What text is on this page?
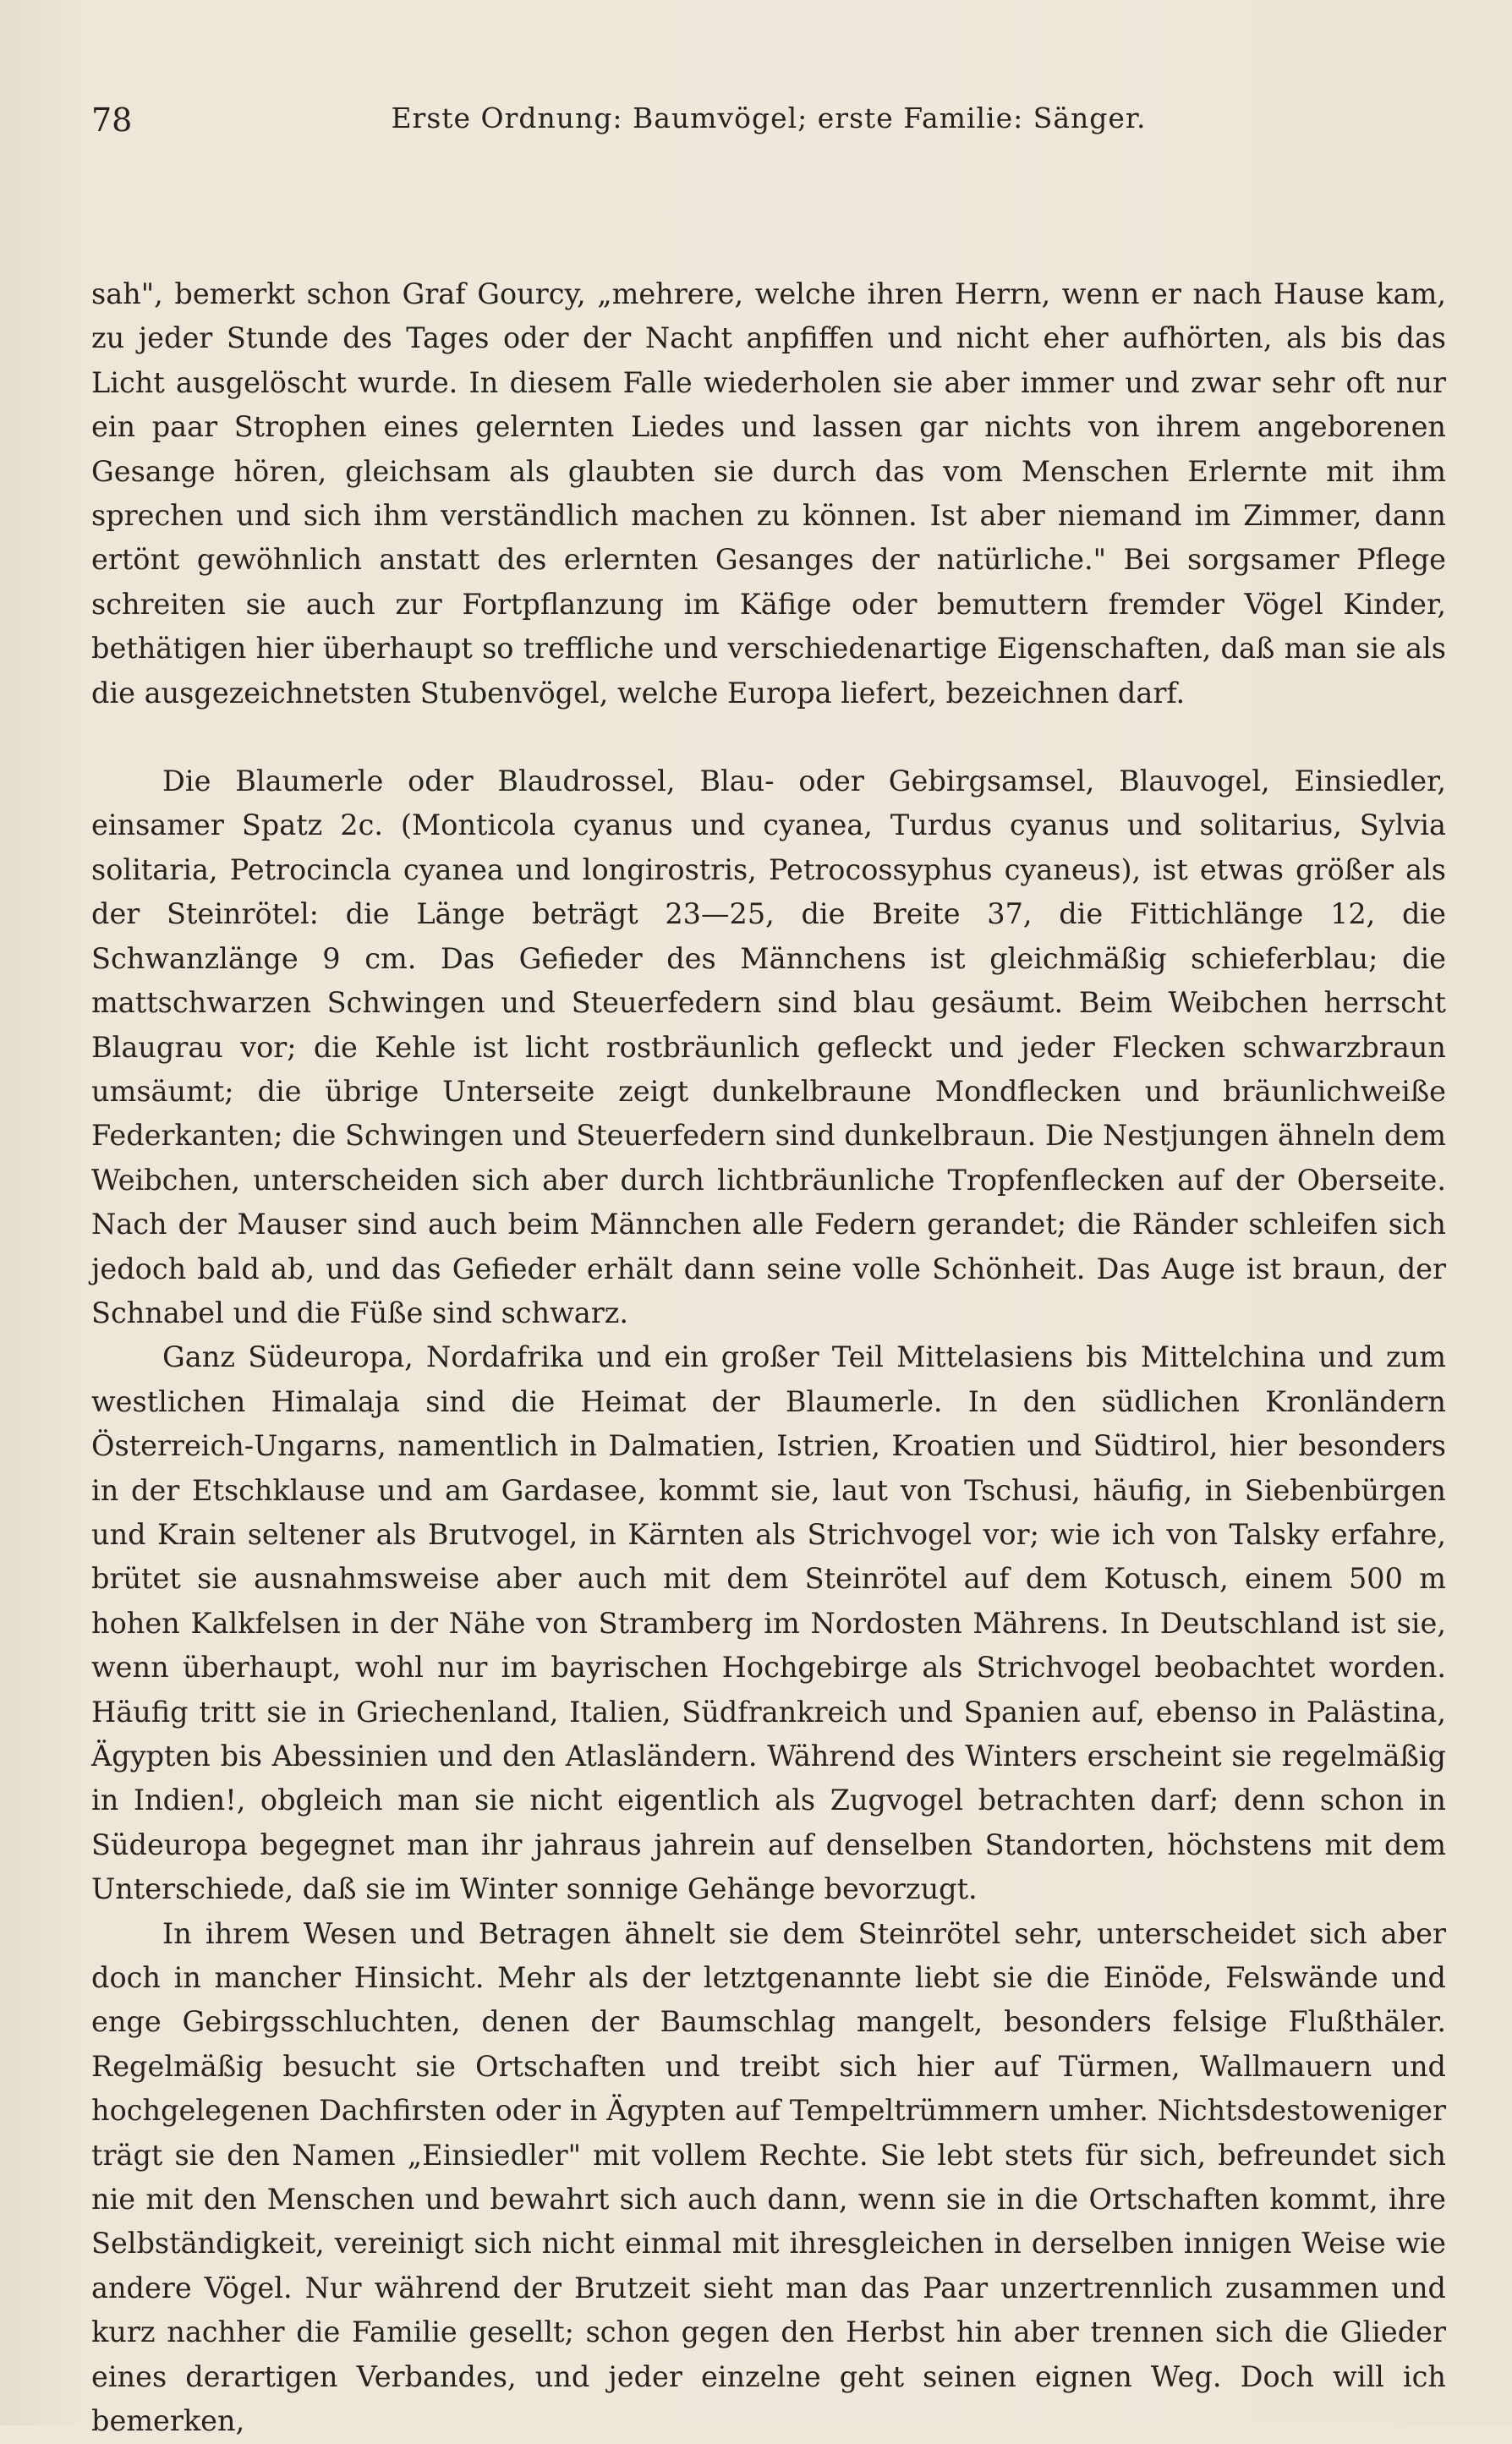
78	Erste Ordnung: Baumvögel; erste Familie: Sänger.

sah", bemerkt schon Graf Gourcy, „mehrere, welche ihren Herrn, wenn er nach Hause kam, zu jeder Stunde des Tages oder der Nacht anpfiffen und nicht eher aufhörten, als bis das Licht ausgelöscht wurde. In diesem Falle wiederholen sie aber immer und zwar sehr oft nur ein paar Strophen eines gelernten Liedes und lassen gar nichts von ihrem angeborenen Gesange hören, gleichsam als glaubten sie durch das vom Menschen Erlernte mit ihm sprechen und sich ihm verständlich machen zu können. Ist aber niemand im Zimmer, dann ertönt gewöhnlich anstatt des erlernten Gesanges der natürliche." Bei sorgsamer Pflege schreiten sie auch zur Fortpflanzung im Käfige oder bemuttern fremder Vögel Kinder, bethätigen hier überhaupt so treffliche und verschiedenartige Eigenschaften, daß man sie als die ausgezeichnetsten Stubenvögel, welche Europa liefert, bezeichnen darf.

Die Blaumerle oder Blaudrossel, Blau- oder Gebirgsamsel, Blauvogel, Einsiedler, einsamer Spatz 2c. (Monticola cyanus und cyanea, Turdus cyanus und solitarius, Sylvia solitaria, Petrocincla cyanea und longirostris, Petrocossyphus cyaneus), ist etwas größer als der Steinrötel: die Länge beträgt 23—25, die Breite 37, die Fittichlänge 12, die Schwanzlänge 9 cm. Das Gefieder des Männchens ist gleichmäßig schieferblau; die mattschwarzen Schwingen und Steuerfedern sind blau gesäumt. Beim Weibchen herrscht Blaugrau vor; die Kehle ist licht rostbräunlich gefleckt und jeder Flecken schwarzbraun umsäumt; die übrige Unterseite zeigt dunkelbraune Mondflecken und bräunlichweiße Federkanten; die Schwingen und Steuerfedern sind dunkelbraun. Die Nestjungen ähneln dem Weibchen, unterscheiden sich aber durch lichtbräunliche Tropfenflecken auf der Oberseite. Nach der Mauser sind auch beim Männchen alle Federn gerandet; die Ränder schleifen sich jedoch bald ab, und das Gefieder erhält dann seine volle Schönheit. Das Auge ist braun, der Schnabel und die Füße sind schwarz.

Ganz Südeuropa, Nordafrika und ein großer Teil Mittelasiens bis Mittelchina und zum westlichen Himalaja sind die Heimat der Blaumerle. In den südlichen Kronländern Österreich-Ungarns, namentlich in Dalmatien, Istrien, Kroatien und Südtirol, hier besonders in der Etschklause und am Gardasee, kommt sie, laut von Tschusi, häufig, in Siebenbürgen und Krain seltener als Brutvogel, in Kärnten als Strichvogel vor; wie ich von Talsky erfahre, brütet sie ausnahmsweise aber auch mit dem Steinrötel auf dem Kotusch, einem 500 m hohen Kalkfelsen in der Nähe von Stramberg im Nordosten Mährens. In Deutschland ist sie, wenn überhaupt, wohl nur im bayrischen Hochgebirge als Strichvogel beobachtet worden. Häufig tritt sie in Griechenland, Italien, Südfrankreich und Spanien auf, ebenso in Palästina, Ägypten bis Abessinien und den Atlasländern. Während des Winters erscheint sie regelmäßig in Indien!, obgleich man sie nicht eigentlich als Zugvogel betrachten darf; denn schon in Südeuropa begegnet man ihr jahraus jahrein auf denselben Standorten, höchstens mit dem Unterschiede, daß sie im Winter sonnige Gehänge bevorzugt.

In ihrem Wesen und Betragen ähnelt sie dem Steinrötel sehr, unterscheidet sich aber doch in mancher Hinsicht. Mehr als der letztgenannte liebt sie die Einöde, Felswände und enge Gebirgsschluchten, denen der Baumschlag mangelt, besonders felsige Flußthäler. Regelmäßig besucht sie Ortschaften und treibt sich hier auf Türmen, Wallmauern und hochgelegenen Dachfirsten oder in Ägypten auf Tempeltrümmern umher. Nichtsdestoweniger trägt sie den Namen „Einsiedler" mit vollem Rechte. Sie lebt stets für sich, befreundet sich nie mit den Menschen und bewahrt sich auch dann, wenn sie in die Ortschaften kommt, ihre Selbständigkeit, vereinigt sich nicht einmal mit ihresgleichen in derselben innigen Weise wie andere Vögel. Nur während der Brutzeit sieht man das Paar unzertrennlich zusammen und kurz nachher die Familie gesellt; schon gegen den Herbst hin aber trennen sich die Glieder eines derartigen Verbandes, und jeder einzelne geht seinen eignen Weg. Doch will ich bemerken,
